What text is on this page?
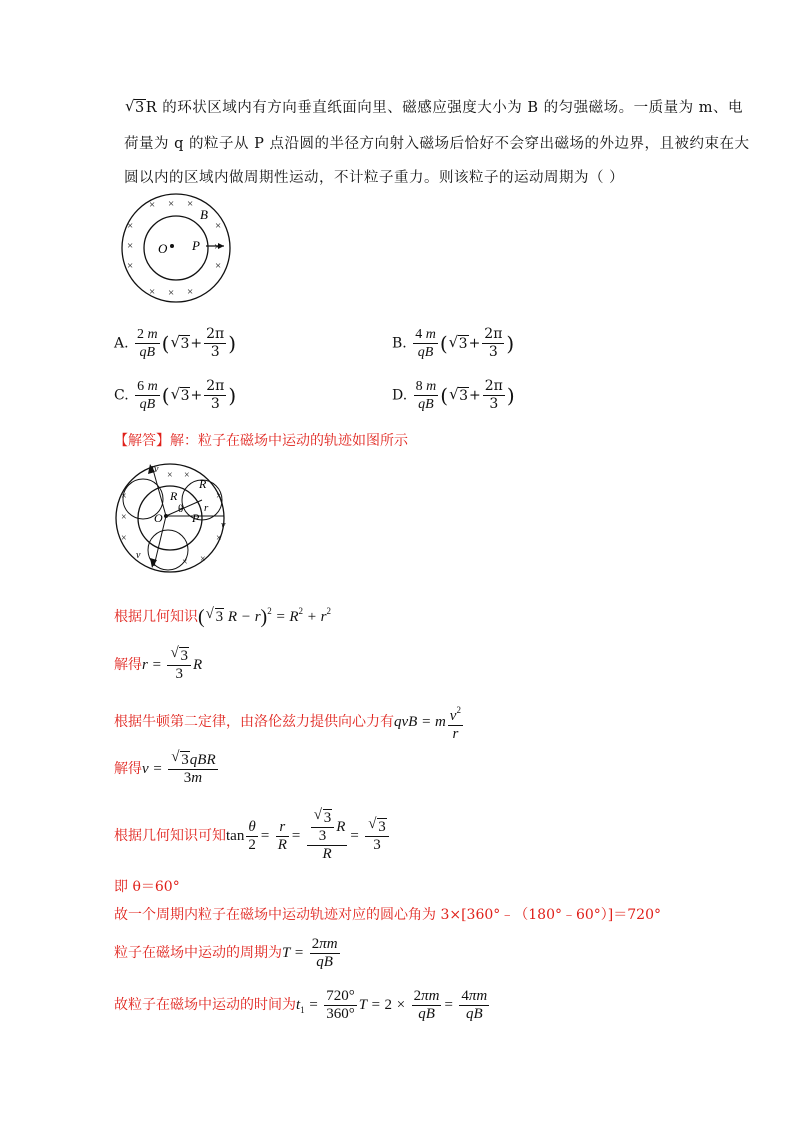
√ 3R 的环状区域内有方向垂直纸面向里、磁感应强度大小为 B 的匀强磁场。一质量为 m、电
荷量为 q 的粒子从 P 点沿圆的半径方向射入磁场后恰好不会穿出磁场的外边界，且被约束在大
圆以内的区域内做周期性运动，不计粒子重力。则该粒子的运动周期为（ ）
× × ×
×
×
×
×
×
× × ×
B
O P ×
A. $\frac{2 m}{qB}$ ( √ $3+ \frac{2\pi}{3}$ )	B. $\frac{4 m}{qB}$ ( √ $3+ \frac{2\pi}{3}$ )
C. $\frac{6 m}{qB}$ ( √ $3+ \frac{2\pi}{3}$ )	D. $\frac{8 m}{qB}$ ( √ $3+ \frac{2\pi}{3}$ )
【解答】解：粒子在磁场中运动的轨迹如图所示
× ×
×
×
×	×
×
× ×
v
v
v
R
R
r
θ
O P
根据几何知识( √ 3 $R - r)^2 = R^2 + r^2$
解得r = √ $\frac{3}{3}$ R
根据牛顿第二定律，由洛伦兹力提供向心力有qvB = m $\frac{v^2}{r}$
解得v = √ $\frac{\text{3qBR}}{3m}$
根据几何知识可知$\tan \frac{\theta}{2} = \frac{r}{R}$ = √ $\frac{\frac{3}{3} R}{R}$ = √ $\frac{3}{3}$
即 θ＝60°
故一个周期内粒子在磁场中运动轨迹对应的圆心角为 3×[360°﹣（180°﹣60°）]＝720°
粒子在磁场中运动的周期为$T = \frac{2\pi m}{qB}$
故粒子在磁场中运动的时间为$t_1 = \frac{720^\circ}{360^\circ}$ $T = 2 \times \frac{2\pi m}{qB} = \frac{4\pi m}{qB}$
